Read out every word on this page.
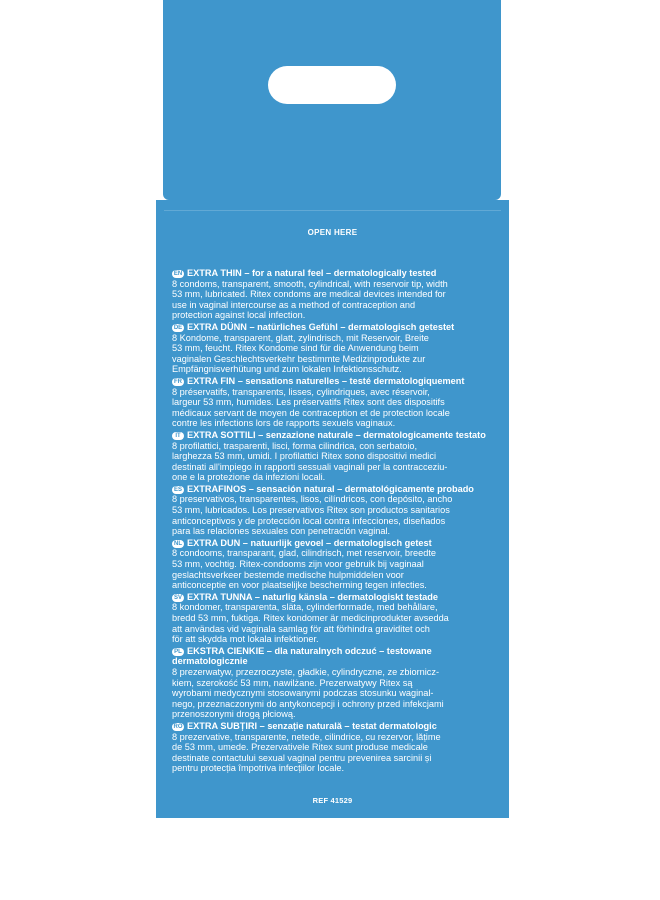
OPEN HERE
EN EXTRA THIN – for a natural feel – dermatologically tested
8 condoms, transparent, smooth, cylindrical, with reservoir tip, width
53 mm, lubricated. Ritex condoms are medical devices intended for
use in vaginal intercourse as a method of contraception and
protection against local infection.
DE EXTRA DÜNN – natürliches Gefühl – dermatologisch getestet
8 Kondome, transparent, glatt, zylindrisch, mit Reservoir, Breite
53 mm, feucht. Ritex Kondome sind für die Anwendung beim
vaginalen Geschlechtsverkehr bestimmte Medizinprodukte zur
Empfängnisverhütung und zum lokalen Infektionsschutz.
FR EXTRA FIN – sensations naturelles – testé dermatologiquement
8 préservatifs, transparents, lisses, cylindriques, avec réservoir,
largeur 53 mm, humides. Les préservatifs Ritex sont des dispositifs
médicaux servant de moyen de contraception et de protection locale
contre les infections lors de rapports sexuels vaginaux.
IT EXTRA SOTTILI – senzazione naturale – dermatologicamente testato
8 profilattici, trasparenti, lisci, forma cilindrica, con serbatoio,
larghezza 53 mm, umidi. I profilattici Ritex sono dispositivi medici
destinati all'impiego in rapporti sessuali vaginali per la contracceziu-
one e la protezione da infezioni locali.
ES EXTRAFINOS – sensación natural – dermatológicamente probado
8 preservativos, transparentes, lisos, cilíndricos, con depósito, ancho
53 mm, lubricados. Los preservativos Ritex son productos sanitarios
anticonceptivos y de protección local contra infecciones, diseñados
para las relaciones sexuales con penetración vaginal.
NL EXTRA DUN – natuurlijk gevoel – dermatologisch getest
8 condooms, transparant, glad, cilindrisch, met reservoir, breedte
53 mm, vochtig. Ritex-condooms zijn voor gebruik bij vaginaal
geslachtsverkeer bestemde medische hulpmiddelen voor
anticonceptie en voor plaatselijke bescherming tegen infecties.
SV EXTRA TUNNA – naturlig känsla – dermatologiskt testade
8 kondomer, transparenta, släta, cylinderformade, med behållare,
bredd 53 mm, fuktiga. Ritex kondomer är medicinprodukter avsedda
att användas vid vaginala samlag för att förhindra graviditet och
för att skydda mot lokala infektioner.
PL EKSTRA CIENKIE – dla naturalnych odczuć – testowane dermatologicznie
8 prezerwatyw, przezroczyste, gładkie, cylindryczne, ze zbiornicz-
kiem, szerokość 53 mm, nawilżane. Prezerwatywy Ritex są
wyrobami medycznymi stosowanymi podczas stosunku waginal-
nego, przeznaczonymi do antykoncepcji i ochrony przed infekcjami
przenoszonymi drogą płciową.
RO EXTRA SUBȚIRI – senzație naturală – testat dermatologic
8 prezervative, transparente, netede, cilindrice, cu rezervor, lățime
de 53 mm, umede. Prezervativele Ritex sunt produse medicale
destinate contactului sexual vaginal pentru prevenirea sarcinii și
pentru protecția împotriva infecțiilor locale.
REF 41529
